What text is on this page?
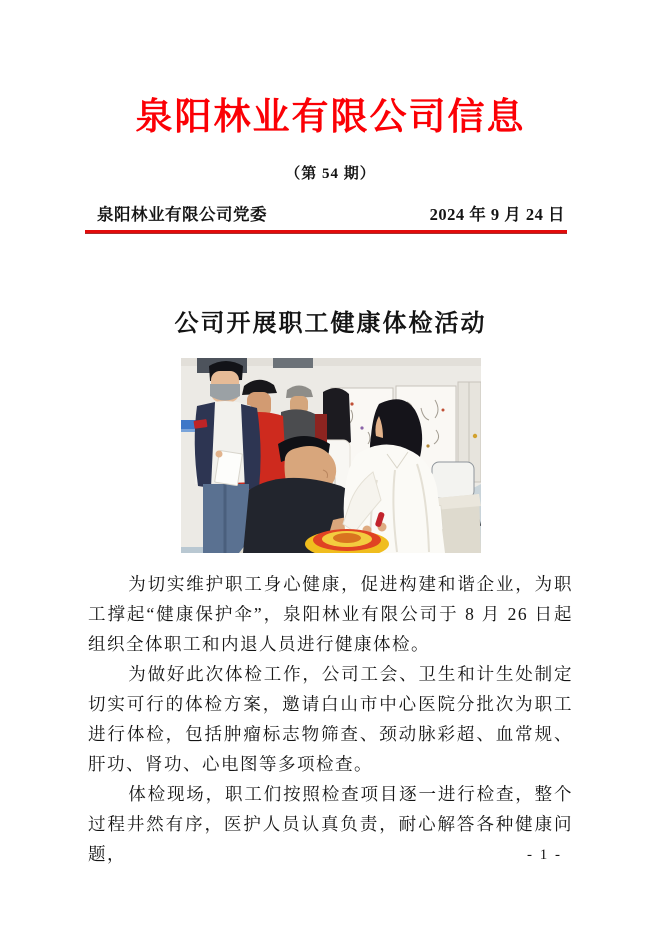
泉阳林业有限公司信息
（第 54 期）
泉阳林业有限公司党委	2024 年 9 月 24 日
公司开展职工健康体检活动

为切实维护职工身心健康，促进构建和谐企业，为职工撑起“健康保护伞”，泉阳林业有限公司于 8 月 26 日起组织全体职工和内退人员进行健康体检。

为做好此次体检工作，公司工会、卫生和计生处制定切实可行的体检方案，邀请白山市中心医院分批次为职工进行体检，包括肿瘤标志物筛查、颈动脉彩超、血常规、肝功、肾功、心电图等多项检查。

体检现场，职工们按照检查项目逐一进行检查，整个过程井然有序，医护人员认真负责，耐心解答各种健康问题，	- 1 -
